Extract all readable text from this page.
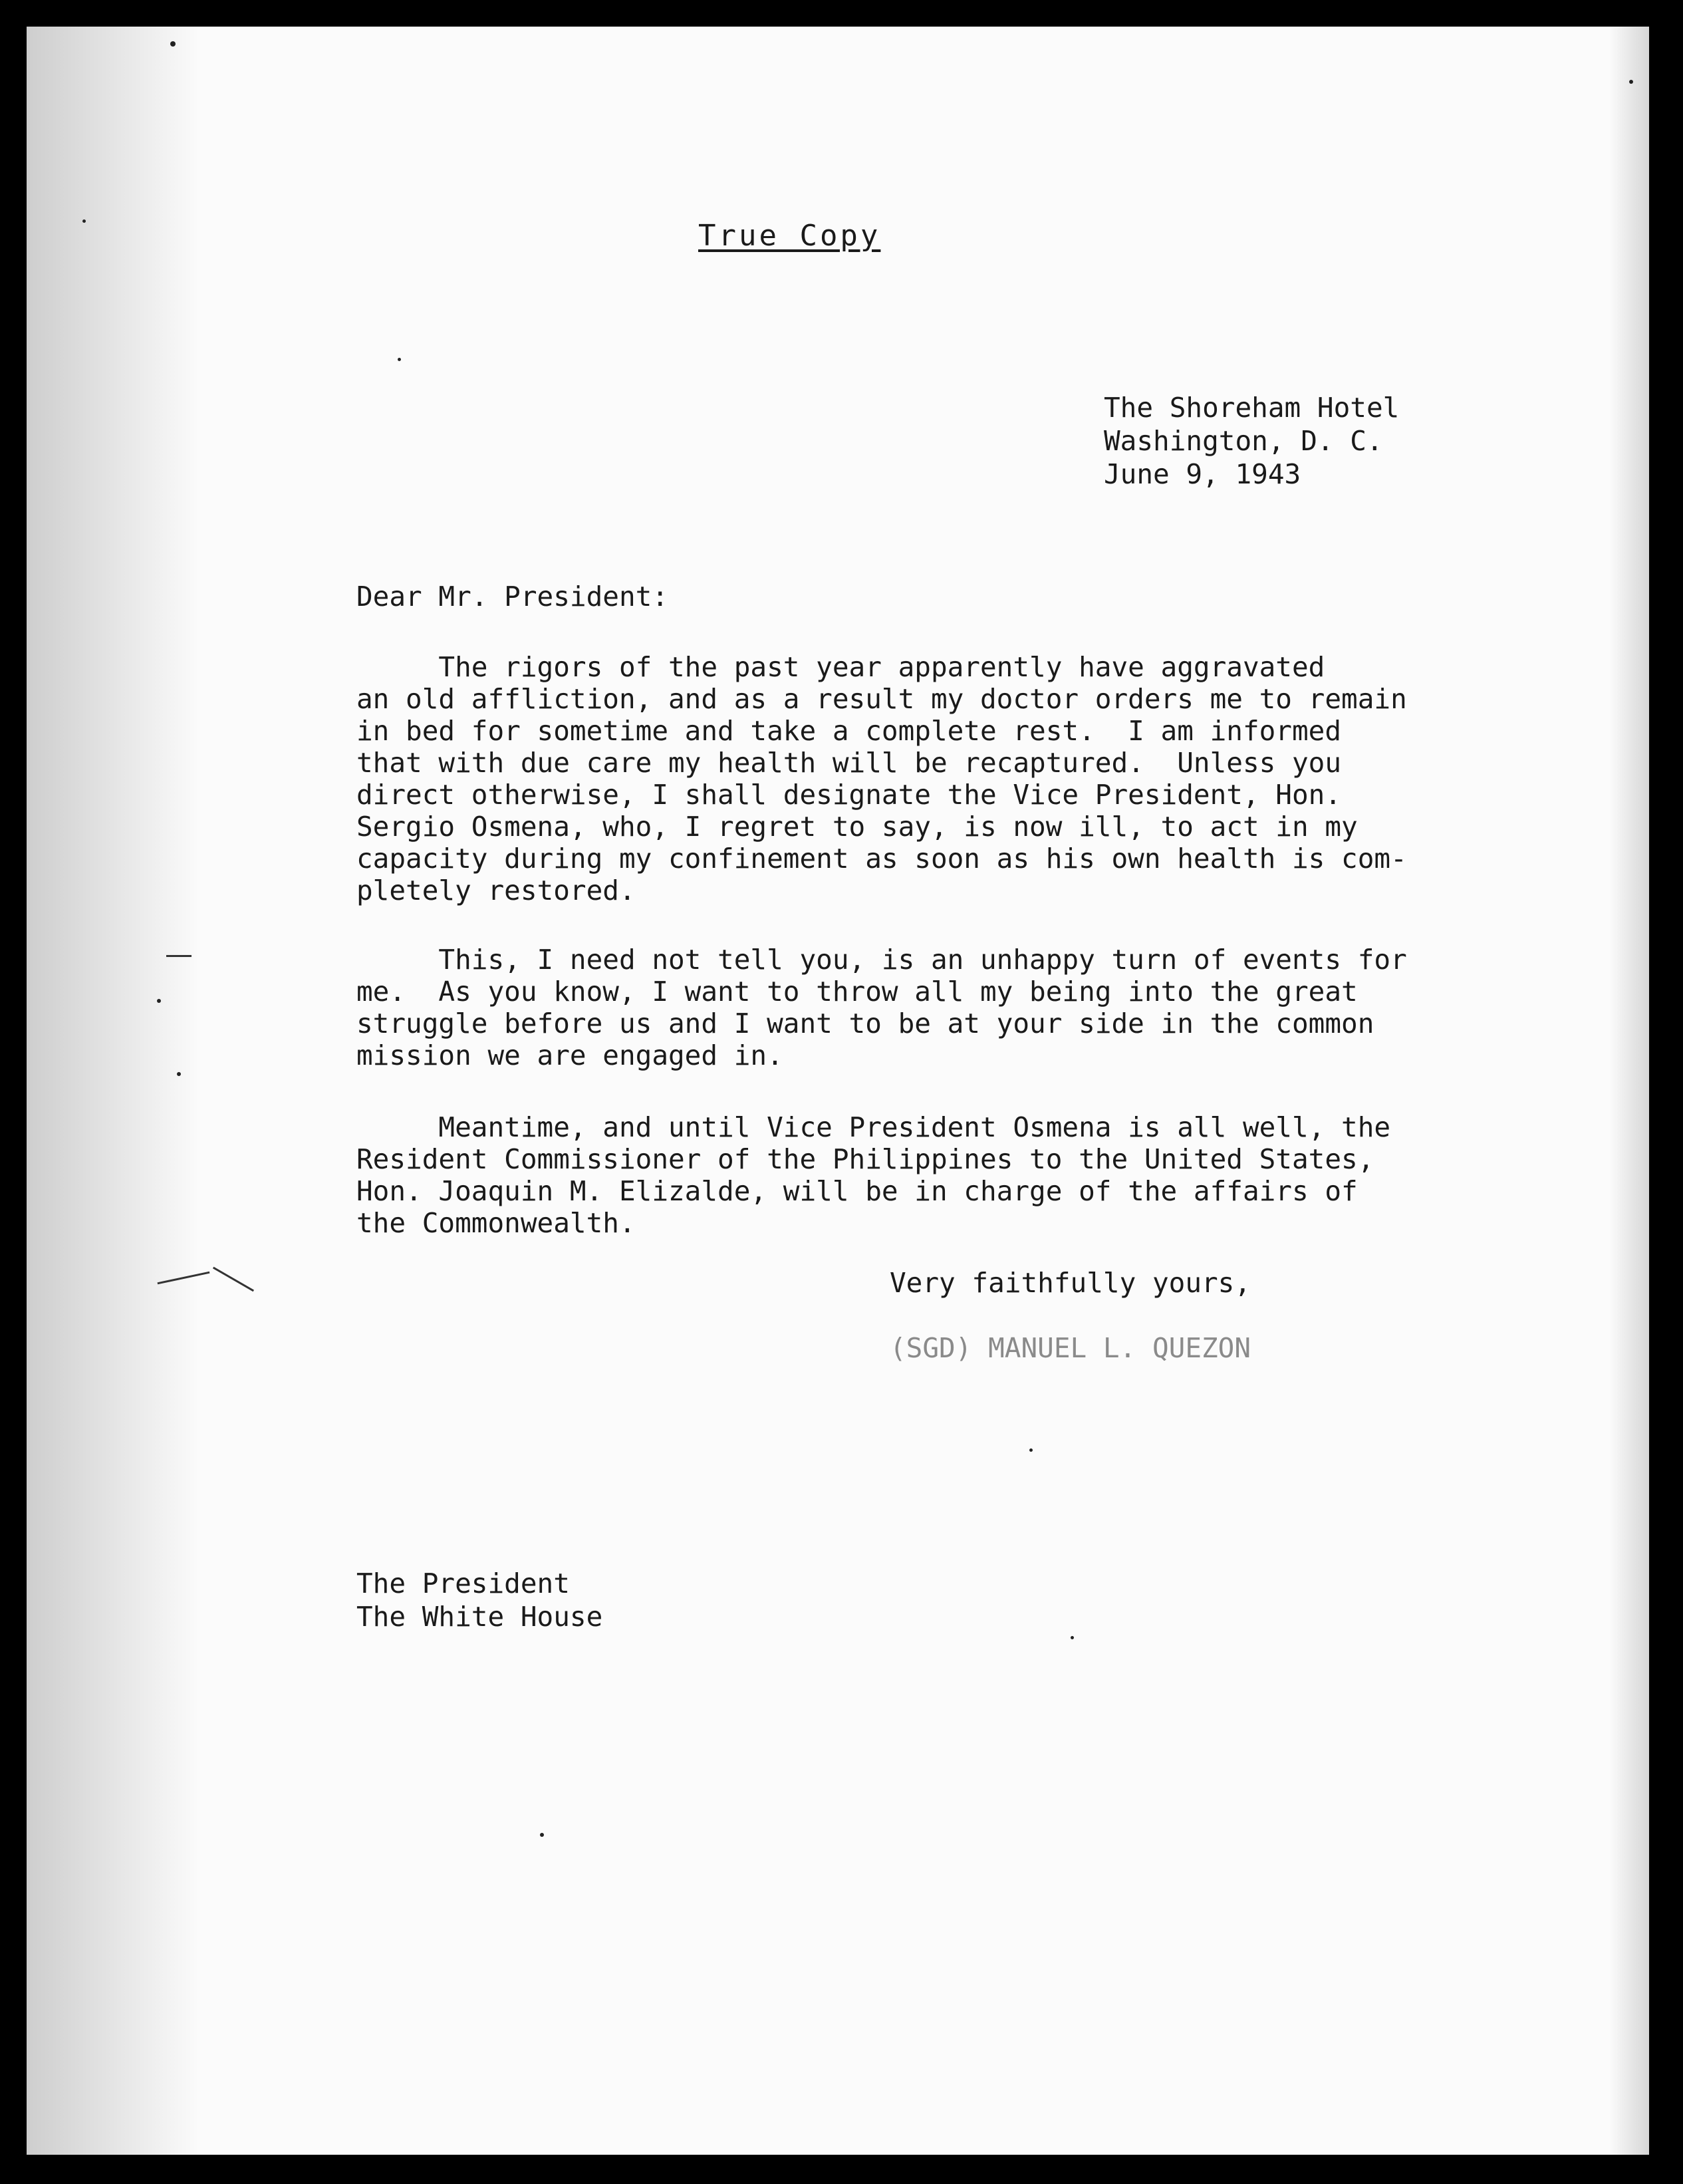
True Copy
The Shoreham Hotel
Washington, D. C.
June 9, 1943
Dear Mr. President:
The rigors of the past year apparently have aggravated
an old affliction, and as a result my doctor orders me to remain
in bed for sometime and take a complete rest.  I am informed
that with due care my health will be recaptured.  Unless you
direct otherwise, I shall designate the Vice President, Hon.
Sergio Osmena, who, I regret to say, is now ill, to act in my
capacity during my confinement as soon as his own health is com-
pletely restored.
This, I need not tell you, is an unhappy turn of events for
me.  As you know, I want to throw all my being into the great
struggle before us and I want to be at your side in the common
mission we are engaged in.
Meantime, and until Vice President Osmena is all well, the
Resident Commissioner of the Philippines to the United States,
Hon. Joaquin M. Elizalde, will be in charge of the affairs of
the Commonwealth.
Very faithfully yours,
(SGD) MANUEL L. QUEZON
The President
The White House
